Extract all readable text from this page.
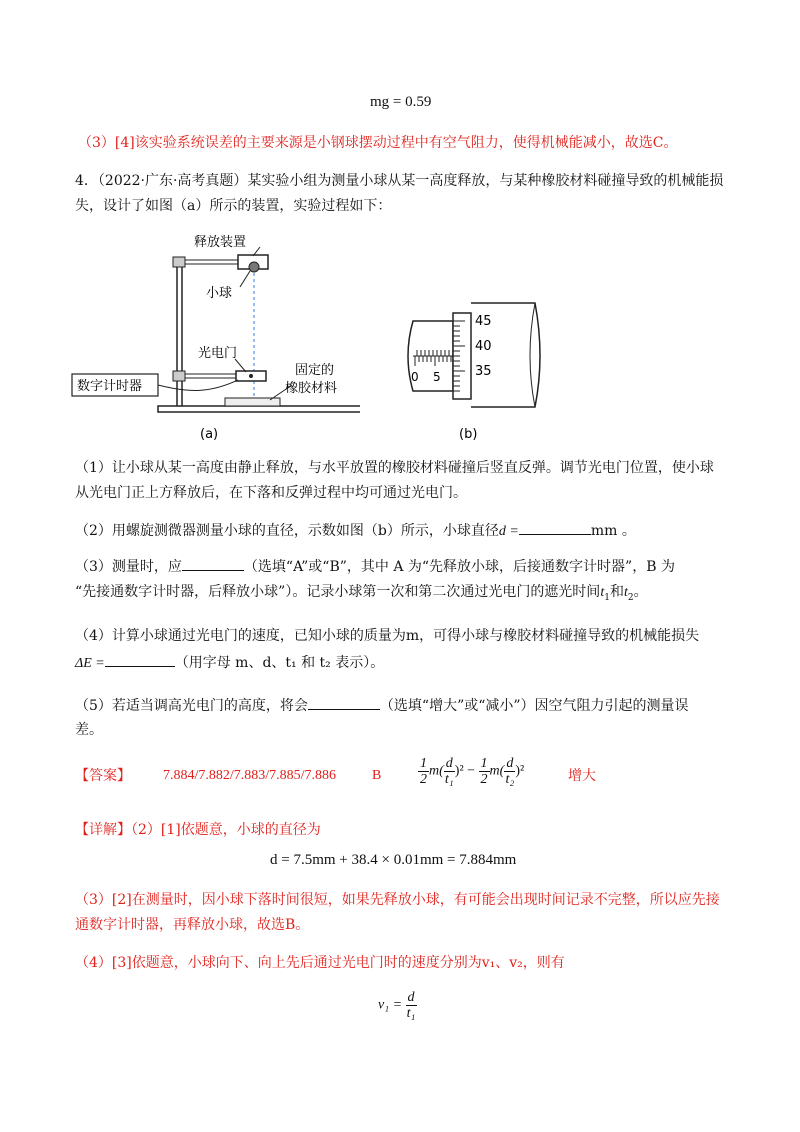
mg = 0.59
（3）[4]该实验系统误差的主要来源是小钢球摆动过程中有空气阻力，使得机械能减小，故选C。
4．（2022·广东·高考真题）某实验小组为测量小球从某一高度释放，与某种橡胶材料碰撞导致的机械能损
失，设计了如图（a）所示的装置，实验过程如下：
释放装置
小球
光电门
数字计时器
固定的
橡胶材料
(a)
0 5
45
40
35
(b)
（1）让小球从某一高度由静止释放，与水平放置的橡胶材料碰撞后竖直反弹。调节光电门位置，使小球
从光电门正上方释放后，在下落和反弹过程中均可通过光电门。
（2）用螺旋测微器测量小球的直径，示数如图（b）所示，小球直径d =	mm 。
（3）测量时，应	（选填“A”或“B”，其中 A 为“先释放小球，后接通数字计时器”，B 为
“先接通数字计时器，后释放小球”）。记录小球第一次和第二次通过光电门的遮光时间$t_1$和$t_2$。
（4）计算小球通过光电门的速度，已知小球的质量为m，可得小球与橡胶材料碰撞导致的机械能损失
ΔE =	（用字母 m、d、t₁ 和 t₂ 表示）。
（5）若适当调高光电门的高度，将会	（选填“增大”或“减小”）因空气阻力引起的测量误
差。
【答案】 7.884/7.882/7.883/7.885/7.886	B	$\frac{1}{2} m( \frac{d}{\text{t₁}} )^2 - \frac{1}{2} m( \frac{d}{\text{t₂}} )^2$	增大
【详解】（2）[1]依题意，小球的直径为
d = 7.5mm + 38.4 × 0.01mm = 7.884mm
（3）[2]在测量时，因小球下落时间很短，如果先释放小球，有可能会出现时间记录不完整，所以应先接
通数字计时器，再释放小球，故选B。
（4）[3]依题意，小球向下、向上先后通过光电门时的速度分别为v₁、v₂，则有
$v_1 = \frac{d}{\text{t₁}}$
